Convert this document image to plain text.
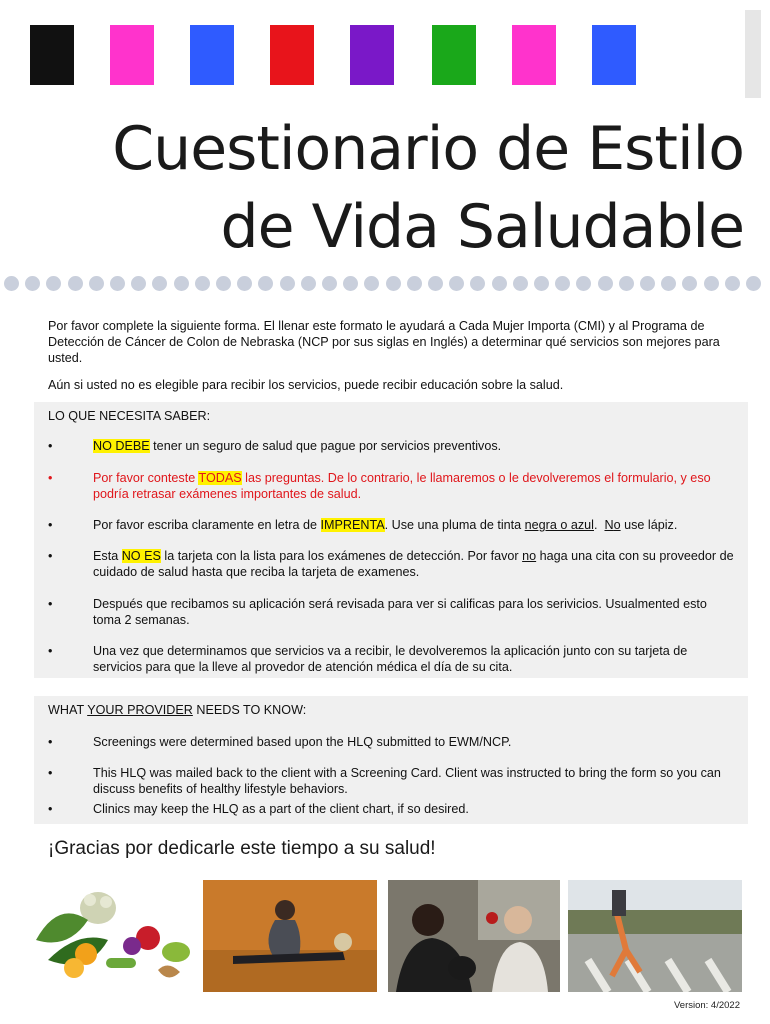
Cuestionario de Estilo
de Vida Saludable
Por favor complete la siguiente forma. El llenar este formato le ayudará a Cada Mujer Importa (CMI) y al Programa de Detección de Cáncer de Colon de Nebraska (NCP por sus siglas en Inglés) a determinar qué servicios son mejores para usted.
Aún si usted no es elegible para recibir los servicios, puede recibir educación sobre la salud.
LO QUE NECESITA SABER:
•	NO DEBE tener un seguro de salud que pague por servicios preventivos.
•	Por favor conteste TODAS las preguntas. De lo contrario, le llamaremos o le devolveremos el formulario, y eso podría retrasar exámenes importantes de salud.
•	Por favor escriba claramente en letra de IMPRENTA. Use una pluma de tinta negra o azul.  No use lápiz.
•	Esta NO ES la tarjeta con la lista para los exámenes de detección. Por favor no haga una cita con su proveedor de cuidado de salud hasta que reciba la tarjeta de examenes.
•	Después que recibamos su aplicación será revisada para ver si calificas para los serivicios. Usualmented esto toma 2 semanas.
•	Una vez que determinamos que servicios va a recibir, le devolveremos la aplicación junto con su tarjeta de servicios para que la lleve al provedor de atención médica el día de su cita.
WHAT YOUR PROVIDER NEEDS TO KNOW:
•	Screenings were determined based upon the HLQ submitted to EWM/NCP.
•	This HLQ was mailed back to the client with a Screening Card. Client was instructed to bring the form so you can discuss benefits of healthy lifestyle behaviors.
•	Clinics may keep the HLQ as a part of the client chart, if so desired.
¡Gracias por dedicarle este tiempo a su salud!
Version: 4/2022
